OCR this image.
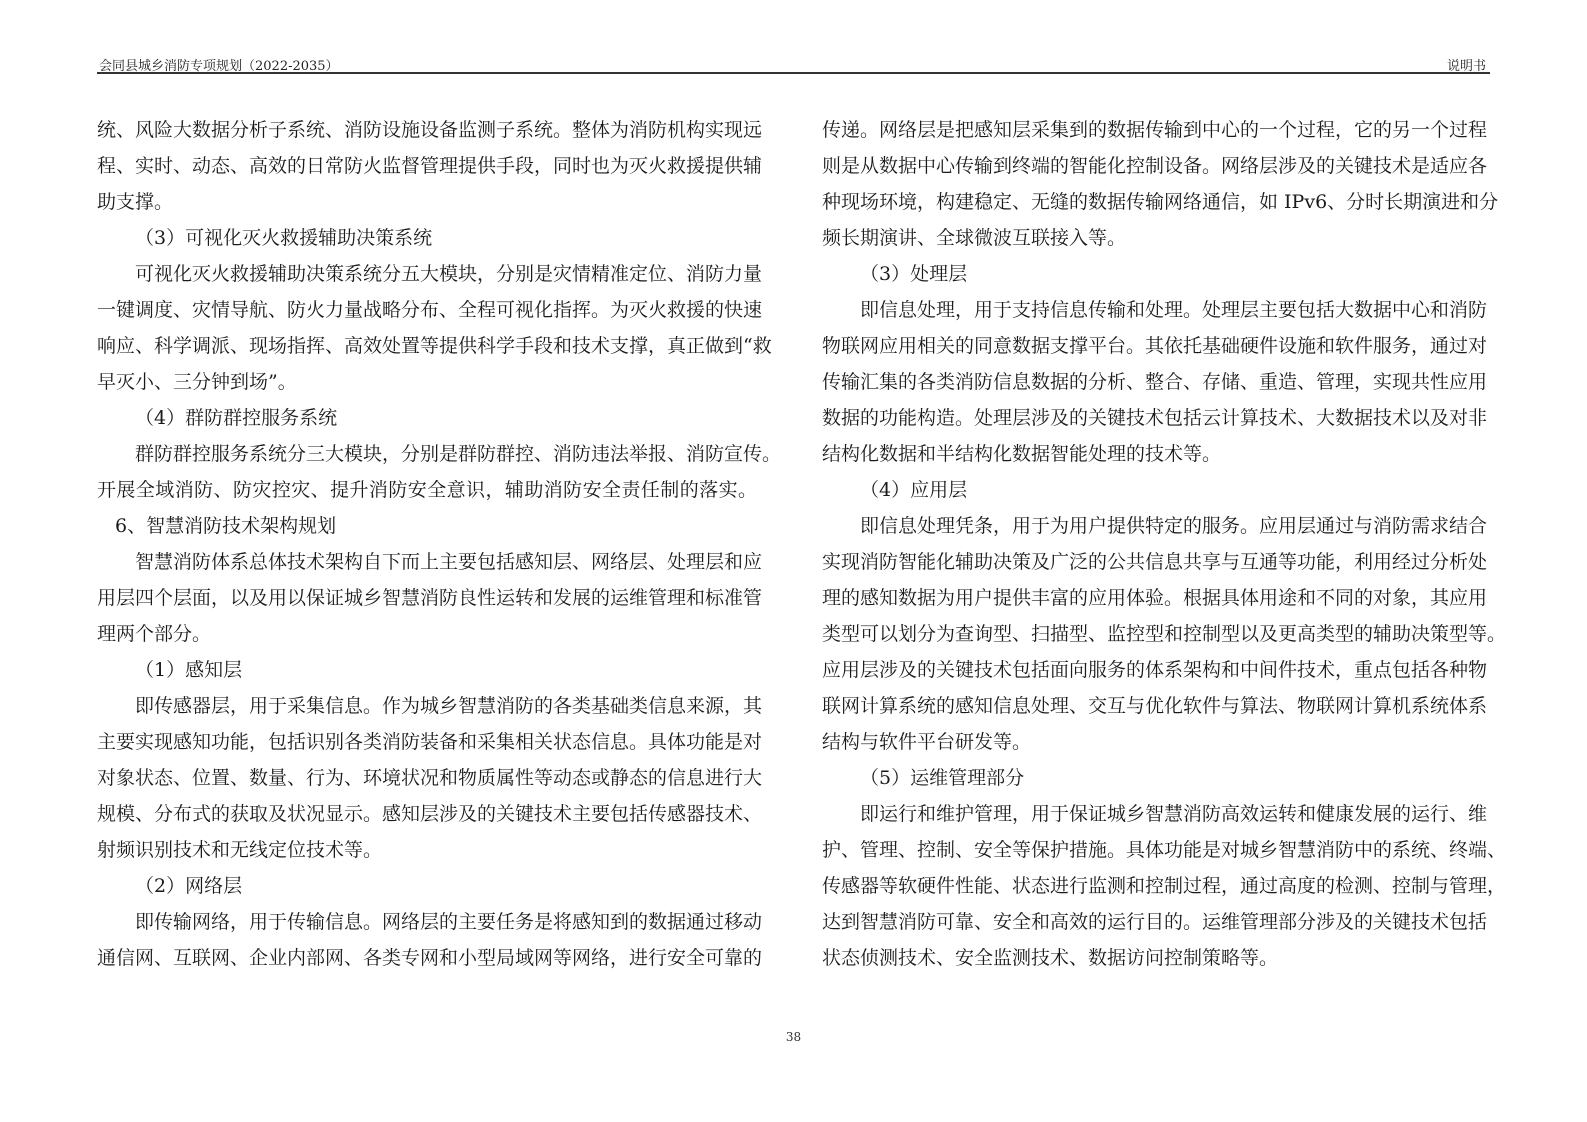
会同县城乡消防专项规划（2022-2035）	说明书
统、风险大数据分析子系统、消防设施设备监测子系统。整体为消防机构实现远
程、实时、动态、高效的日常防火监督管理提供手段，同时也为灭火救援提供辅
助支撑。
（3）可视化灭火救援辅助决策系统
可视化灭火救援辅助决策系统分五大模块，分别是灾情精准定位、消防力量
一键调度、灾情导航、防火力量战略分布、全程可视化指挥。为灭火救援的快速
响应、科学调派、现场指挥、高效处置等提供科学手段和技术支撑，真正做到“救
早灭小、三分钟到场”。
（4）群防群控服务系统
群防群控服务系统分三大模块，分别是群防群控、消防违法举报、消防宣传。
开展全域消防、防灾控灾、提升消防安全意识，辅助消防安全责任制的落实。
6、智慧消防技术架构规划
智慧消防体系总体技术架构自下而上主要包括感知层、网络层、处理层和应
用层四个层面，以及用以保证城乡智慧消防良性运转和发展的运维管理和标准管
理两个部分。
（1）感知层
即传感器层，用于采集信息。作为城乡智慧消防的各类基础类信息来源，其
主要实现感知功能，包括识别各类消防装备和采集相关状态信息。具体功能是对
对象状态、位置、数量、行为、环境状况和物质属性等动态或静态的信息进行大
规模、分布式的获取及状况显示。感知层涉及的关键技术主要包括传感器技术、
射频识别技术和无线定位技术等。
（2）网络层
即传输网络，用于传输信息。网络层的主要任务是将感知到的数据通过移动
通信网、互联网、企业内部网、各类专网和小型局域网等网络，进行安全可靠的
传递。网络层是把感知层采集到的数据传输到中心的一个过程，它的另一个过程
则是从数据中心传输到终端的智能化控制设备。网络层涉及的关键技术是适应各
种现场环境，构建稳定、无缝的数据传输网络通信，如 IPv6、分时长期演进和分
频长期演讲、全球微波互联接入等。
（3）处理层
即信息处理，用于支持信息传输和处理。处理层主要包括大数据中心和消防
物联网应用相关的同意数据支撑平台。其依托基础硬件设施和软件服务，通过对
传输汇集的各类消防信息数据的分析、整合、存储、重造、管理，实现共性应用
数据的功能构造。处理层涉及的关键技术包括云计算技术、大数据技术以及对非
结构化数据和半结构化数据智能处理的技术等。
（4）应用层
即信息处理凭条，用于为用户提供特定的服务。应用层通过与消防需求结合
实现消防智能化辅助决策及广泛的公共信息共享与互通等功能，利用经过分析处
理的感知数据为用户提供丰富的应用体验。根据具体用途和不同的对象，其应用
类型可以划分为查询型、扫描型、监控型和控制型以及更高类型的辅助决策型等。
应用层涉及的关键技术包括面向服务的体系架构和中间件技术，重点包括各种物
联网计算系统的感知信息处理、交互与优化软件与算法、物联网计算机系统体系
结构与软件平台研发等。
（5）运维管理部分
即运行和维护管理，用于保证城乡智慧消防高效运转和健康发展的运行、维
护、管理、控制、安全等保护措施。具体功能是对城乡智慧消防中的系统、终端、
传感器等软硬件性能、状态进行监测和控制过程，通过高度的检测、控制与管理，
达到智慧消防可靠、安全和高效的运行目的。运维管理部分涉及的关键技术包括
状态侦测技术、安全监测技术、数据访问控制策略等。
38
